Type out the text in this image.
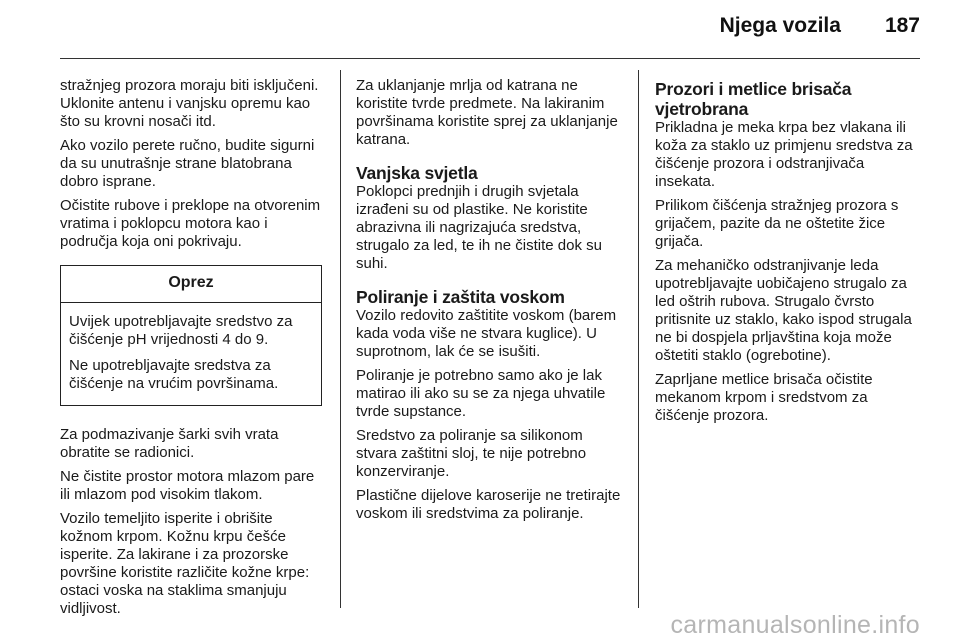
Njega vozila 187

stražnjeg prozora moraju biti isključeni. Uklonite antenu i vanjsku opremu kao što su krovni nosači itd.

Ako vozilo perete ručno, budite sigurni da su unutrašnje strane blatobrana dobro isprane.

Očistite rubove i preklope na otvorenim vratima i poklopcu motora kao i područja koja oni pokrivaju.

Oprez

Uvijek upotrebljavajte sredstvo za čišćenje pH vrijednosti 4 do 9.

Ne upotrebljavajte sredstva za čišćenje na vrućim površinama.

Za podmazivanje šarki svih vrata obratite se radionici.

Ne čistite prostor motora mlazom pare ili mlazom pod visokim tlakom.

Vozilo temeljito isperite i obrišite kožnom krpom. Kožnu krpu češće isperite. Za lakirane i za prozorske površine koristite različite kožne krpe: ostaci voska na staklima smanjuju vidljivost.

Za uklanjanje mrlja od katrana ne koristite tvrde predmete. Na lakiranim površinama koristite sprej za uklanjanje katrana.

Vanjska svjetla

Poklopci prednjih i drugih svjetala izrađeni su od plastike. Ne koristite abrazivna ili nagrizajuća sredstva, strugalo za led, te ih ne čistite dok su suhi.

Poliranje i zaštita voskom

Vozilo redovito zaštitite voskom (barem kada voda više ne stvara kuglice). U suprotnom, lak će se isušiti.

Poliranje je potrebno samo ako je lak matirao ili ako su se za njega uhvatile tvrde supstance.

Sredstvo za poliranje sa silikonom stvara zaštitni sloj, te nije potrebno konzerviranje.

Plastične dijelove karoserije ne tretirajte voskom ili sredstvima za poliranje.

Prozori i metlice brisača vjetrobrana

Prikladna je meka krpa bez vlakana ili koža za staklo uz primjenu sredstva za čišćenje prozora i odstranjivača insekata.

Prilikom čišćenja stražnjeg prozora s grijačem, pazite da ne oštetite žice grijača.

Za mehaničko odstranjivanje leda upotrebljavajte uobičajeno strugalo za led oštrih rubova. Strugalo čvrsto pritisnite uz staklo, kako ispod strugala ne bi dospjela prljavština koja može oštetiti staklo (ogrebotine).

Zaprljane metlice brisača očistite mekanom krpom i sredstvom za čišćenje prozora.

carmanualsonline.info
